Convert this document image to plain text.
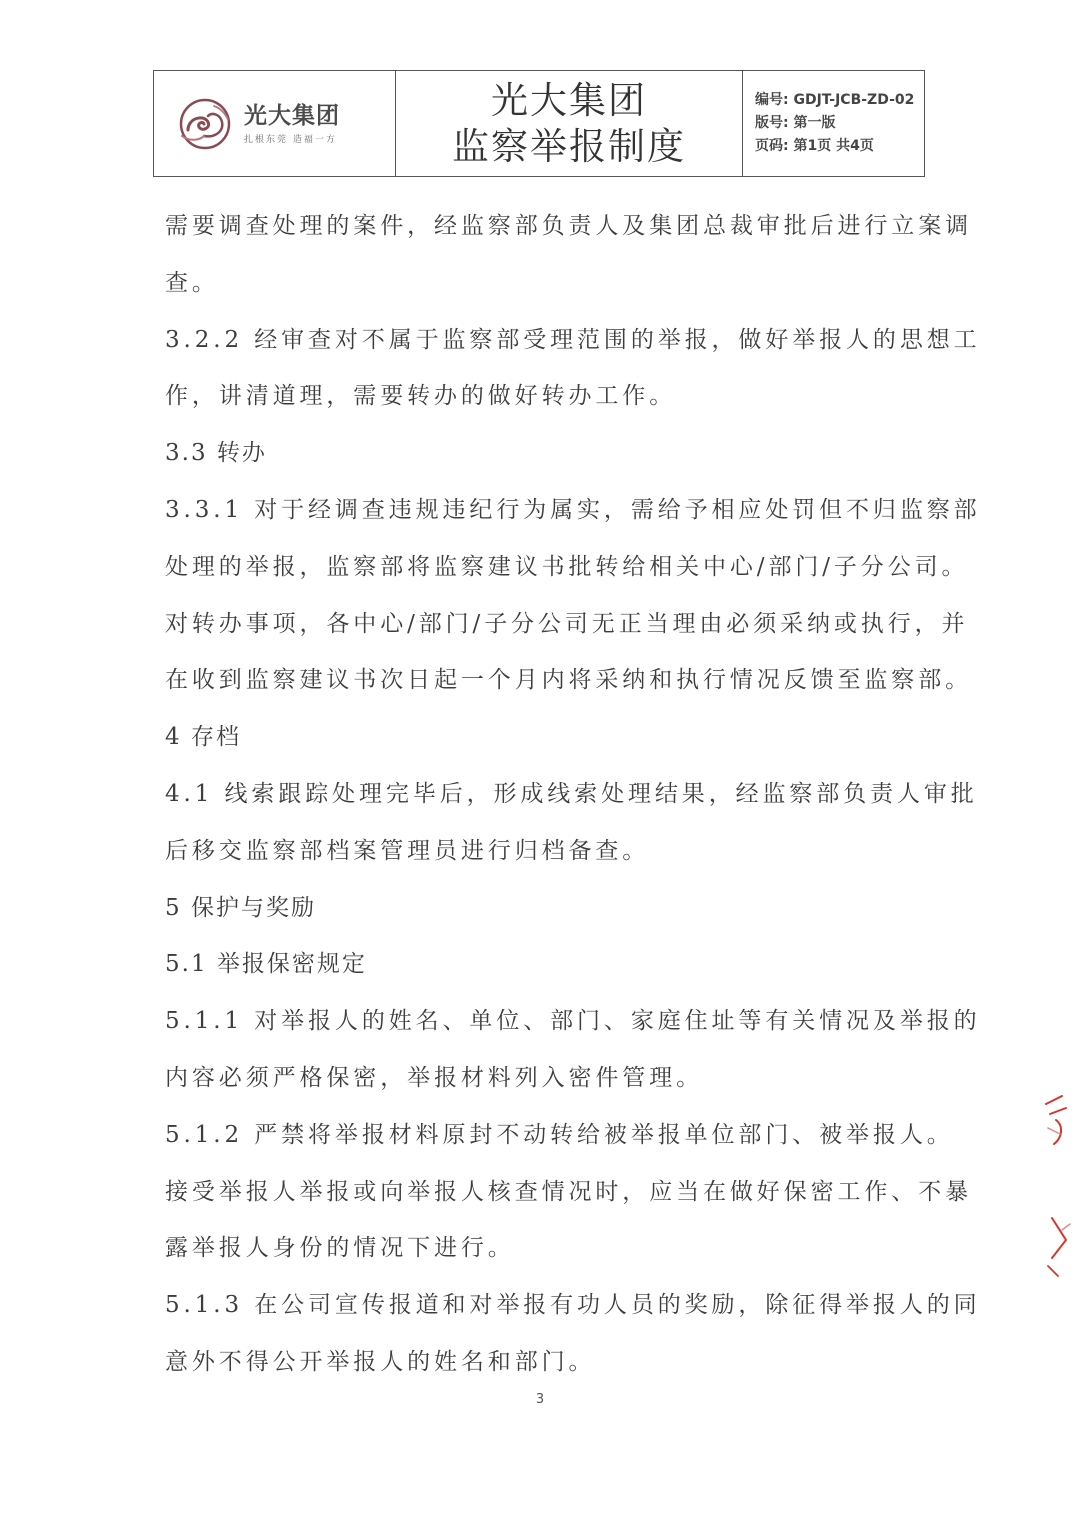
光大集团
扎根东莞 造福一方
光大集团
监察举报制度
编号: GDJT-JCB-ZD-02
版号: 第一版
页码: 第1页 共4页
需要调查处理的案件，经监察部负责人及集团总裁审批后进行立案调
查。
3.2.2 经审查对不属于监察部受理范围的举报，做好举报人的思想工
作，讲清道理，需要转办的做好转办工作。
3.3 转办
3.3.1 对于经调查违规违纪行为属实，需给予相应处罚但不归监察部
处理的举报，监察部将监察建议书批转给相关中心/部门/子分公司。
对转办事项，各中心/部门/子分公司无正当理由必须采纳或执行，并
在收到监察建议书次日起一个月内将采纳和执行情况反馈至监察部。
4 存档
4.1 线索跟踪处理完毕后，形成线索处理结果，经监察部负责人审批
后移交监察部档案管理员进行归档备查。
5 保护与奖励
5.1 举报保密规定
5.1.1 对举报人的姓名、单位、部门、家庭住址等有关情况及举报的
内容必须严格保密，举报材料列入密件管理。
5.1.2 严禁将举报材料原封不动转给被举报单位部门、被举报人。
接受举报人举报或向举报人核查情况时，应当在做好保密工作、不暴
露举报人身份的情况下进行。
5.1.3 在公司宣传报道和对举报有功人员的奖励，除征得举报人的同
意外不得公开举报人的姓名和部门。
3
